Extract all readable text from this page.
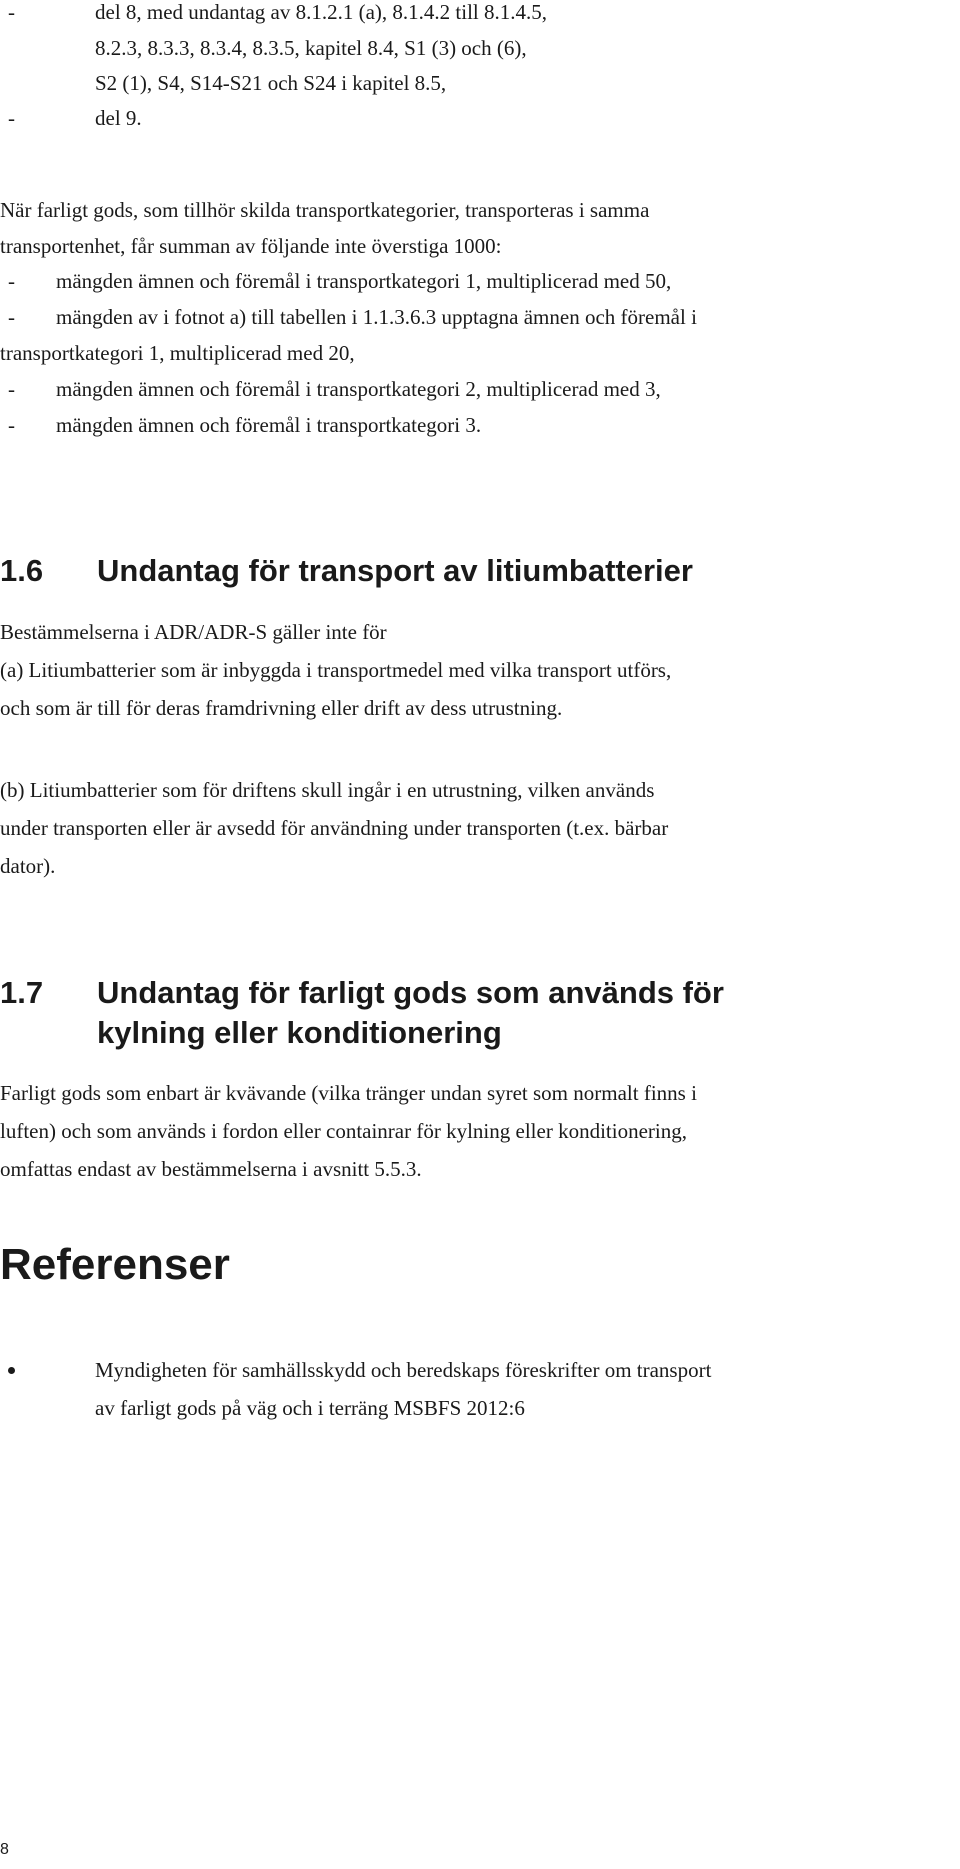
-	del 8, med undantag av 8.1.2.1 (a), 8.1.4.2 till 8.1.4.5,
8.2.3, 8.3.3, 8.3.4, 8.3.5, kapitel 8.4, S1 (3) och (6),
S2 (1), S4, S14-S21 och S24 i kapitel 8.5,
-	del 9.
När farligt gods, som tillhör skilda transportkategorier, transporteras i samma
transportenhet, får summan av följande inte överstiga 1000:
- mängden ämnen och föremål i transportkategori 1, multiplicerad med 50,
- mängden av i fotnot a) till tabellen i 1.1.3.6.3 upptagna ämnen och föremål i
transportkategori 1, multiplicerad med 20,
- mängden ämnen och föremål i transportkategori 2, multiplicerad med 3,
- mängden ämnen och föremål i transportkategori 3.
1.6 Undantag för transport av litiumbatterier
Bestämmelserna i ADR/ADR-S gäller inte för
(a) Litiumbatterier som är inbyggda i transportmedel med vilka transport utförs,
och som är till för deras framdrivning eller drift av dess utrustning.
(b) Litiumbatterier som för driftens skull ingår i en utrustning, vilken används
under transporten eller är avsedd för användning under transporten (t.ex. bärbar
dator).
1.7 Undantag för farligt gods som används för
kylning eller konditionering
Farligt gods som enbart är kvävande (vilka tränger undan syret som normalt finns i
luften) och som används i fordon eller containrar för kylning eller konditionering,
omfattas endast av bestämmelserna i avsnitt 5.5.3.
Referenser
Myndigheten för samhällsskydd och beredskaps föreskrifter om transport
av farligt gods på väg och i terräng MSBFS 2012:6
8
